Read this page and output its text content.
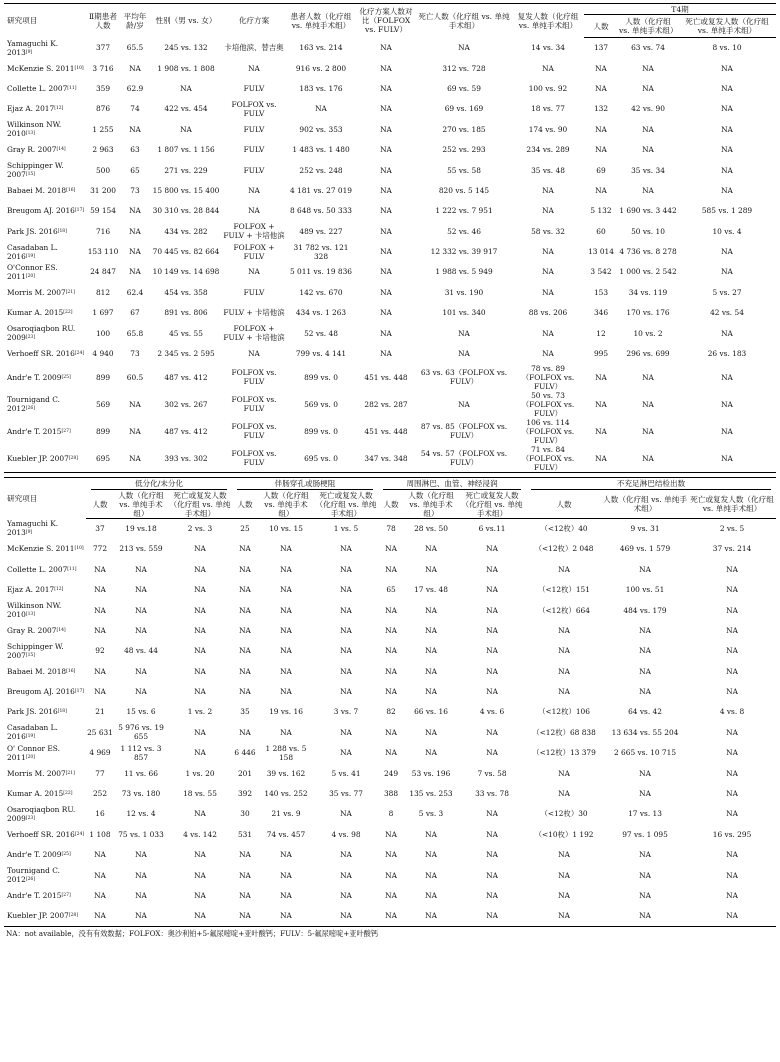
研究项目	Ⅱ期患者人数	平均年龄/岁	性别（男 vs. 女）	化疗方案	患者人数（化疗组 vs. 单纯手术组）	化疗方案人数对比（FOLFOX vs. FULV）	死亡人数（化疗组 vs. 单纯手术组）	复发人数（化疗组 vs. 单纯手术组）	T4期		
									人数	人数（化疗组 vs. 单纯手术组）	死亡或复发人数（化疗组 vs. 单纯手术组）
Yamaguchi K. 2013[9]	377	65.5	245 vs. 132	卡培他滨、替吉奥	163 vs. 214	NA	NA	14 vs. 34	137	63 vs. 74	8 vs. 10
McKenzie S. 2011[10]	3 716	NA	1 908 vs. 1 808	NA	916 vs. 2 800	NA	312 vs. 728	NA	NA	NA	NA
Collette L. 2007[11]	359	62.9	NA	FULV	183 vs. 176	NA	69 vs. 59	100 vs. 92	NA	NA	NA
Ejaz A. 2017[12]	876	74	422 vs. 454	FOLFOX vs. FULV	NA	NA	69 vs. 169	18 vs. 77	132	42 vs. 90	NA
Wilkinson NW. 2010[13]	1 255	NA	NA	FULV	902 vs. 353	NA	270 vs. 185	174 vs. 90	NA	NA	NA
Gray R. 2007[14]	2 963	63	1 807 vs. 1 156	FULV	1 483 vs. 1 480	NA	252 vs. 293	234 vs. 289	NA	NA	NA
Schippinger W. 2007[15]	500	65	271 vs. 229	FULV	252 vs. 248	NA	55 vs. 58	35 vs. 48	69	35 vs. 34	NA
Babaei M. 2018[16]	31 200	73	15 800 vs. 15 400	NA	4 181 vs. 27 019	NA	820 vs. 5 145	NA	NA	NA	NA
Breugom AJ. 2016[17]	59 154	NA	30 310 vs. 28 844	NA	8 648 vs. 50 333	NA	1 222 vs. 7 951	NA	5 132	1 690 vs. 3 442	585 vs. 1 289
Park JS. 2016[18]	716	NA	434 vs. 282	FOLFOX + FULV + 卡培他滨	489 vs. 227	NA	52 vs. 46	58 vs. 32	60	50 vs. 10	10 vs. 4
Casadaban L. 2016[19]	153 110	NA	70 445 vs. 82 664	FOLFOX + FULV	31 782 vs. 121 328	NA	12 332 vs. 39 917	NA	13 014	4 736 vs. 8 278	NA
O'Connor ES. 2011[20]	24 847	NA	10 149 vs. 14 698	NA	5 011 vs. 19 836	NA	1 988 vs. 5 949	NA	3 542	1 000 vs. 2 542	NA
Morris M. 2007[21]	812	62.4	454 vs. 358	FULV	142 vs. 670	NA	31 vs. 190	NA	153	34 vs. 119	5 vs. 27
Kumar A. 2015[22]	1 697	67	891 vs. 806	FULV + 卡培他滨	434 vs. 1 263	NA	101 vs. 340	88 vs. 206	346	170 vs. 176	42 vs. 54
Osaroqiaqbon RU. 2009[23]	100	65.8	45 vs. 55	FOLFOX + FULV + 卡培他滨	52 vs. 48	NA	NA	NA	12	10 vs. 2	NA
Verhoeff SR. 2016[24]	4 940	73	2 345 vs. 2 595	NA	799 vs. 4 141	NA	NA	NA	995	296 vs. 699	26 vs. 183
Andr'e T. 2009[25]	899	60.5	487 vs. 412	FOLFOX vs. FULV	899 vs. 0	451 vs. 448	63 vs. 63（FOLFOX vs. FULV）	78 vs. 89（FOLFOX vs. FULV）	NA	NA	NA
Tournigand C. 2012[26]	569	NA	302 vs. 267	FOLFOX vs. FULV	569 vs. 0	282 vs. 287	NA	50 vs. 73（FOLFOX vs. FULV）	NA	NA	NA
Andr'e T. 2015[27]	899	NA	487 vs. 412	FOLFOX vs. FULV	899 vs. 0	451 vs. 448	87 vs. 85（FOLFOX vs. FULV）	106 vs. 114（FOLFOX vs. FULV）	NA	NA	NA
Kuebler JP. 2007[28]	695	NA	393 vs. 302	FOLFOX vs. FULV	695 vs. 0	347 vs. 348	54 vs. 57（FOLFOX vs. FULV）	71 vs. 84（FOLFOX vs. FULV）	NA	NA	NA
研究项目	低分化/未分化			伴肠穿孔或肠梗阻			周围淋巴、血管、神经浸润			不充足淋巴结检出数		

	人数	人数（化疗组 vs. 单纯手术组）	死亡或复发人数（化疗组 vs. 单纯手术组）	人数	人数（化疗组 vs. 单纯手术组）	死亡或复发人数（化疗组 vs. 单纯手术组）	人数	人数（化疗组 vs. 单纯手术组）	死亡或复发人数（化疗组 vs. 单纯手术组）	人数	人数（化疗组 vs. 单纯手术组）	死亡或复发人数（化疗组 vs. 单纯手术组）
Yamaguchi K. 2013[9]	37	19 vs.18	2 vs. 3	25	10 vs. 15	1 vs. 5	78	28 vs. 50	6 vs.11	（<12枚）40	9 vs. 31	2 vs. 5
McKenzie S. 2011[10]	772	213 vs. 559	NA	NA	NA	NA	NA	NA	NA	（<12枚）2 048	469 vs. 1 579	37 vs. 214
Collette L. 2007[11]	NA	NA	NA	NA	NA	NA	NA	NA	NA	NA	NA	NA
Ejaz A. 2017[12]	NA	NA	NA	NA	NA	NA	65	17 vs. 48	NA	（<12枚）151	100 vs. 51	NA
Wilkinson NW. 2010[13]	NA	NA	NA	NA	NA	NA	NA	NA	NA	（<12枚）664	484 vs. 179	NA
Gray R. 2007[14]	NA	NA	NA	NA	NA	NA	NA	NA	NA	NA	NA	NA
Schippinger W. 2007[15]	92	48 vs. 44	NA	NA	NA	NA	NA	NA	NA	NA	NA	NA
Babaei M. 2018[16]	NA	NA	NA	NA	NA	NA	NA	NA	NA	NA	NA	NA
Breugom AJ. 2016[17]	NA	NA	NA	NA	NA	NA	NA	NA	NA	NA	NA	NA
Park JS. 2016[18]	21	15 vs. 6	1 vs. 2	35	19 vs. 16	3 vs. 7	82	66 vs. 16	4 vs. 6	（<12枚）106	64 vs. 42	4 vs. 8
Casadaban L. 2016[19]	25 631	5 976 vs. 19 655	NA	NA	NA	NA	NA	NA	NA	（<12枚）68 838	13 634 vs. 55 204	NA
O' Connor ES. 2011[20]	4 969	1 112 vs. 3 857	NA	6 446	1 288 vs. 5 158	NA	NA	NA	NA	（<12枚）13 379	2 665 vs. 10 715	NA
Morris M. 2007[21]	77	11 vs. 66	1 vs. 20	201	39 vs. 162	5 vs. 41	249	53 vs. 196	7 vs. 58	NA	NA	NA
Kumar A. 2015[22]	252	73 vs. 180	18 vs. 55	392	140 vs. 252	35 vs. 77	388	135 vs. 253	33 vs. 78	NA	NA	NA
Osaroqiaqbon RU. 2009[23]	16	12 vs. 4	NA	30	21 vs. 9	NA	8	5 vs. 3	NA	（<12枚）30	17 vs. 13	NA
Verhoeff SR. 2016[24]	1 108	75 vs. 1 033	4 vs. 142	531	74 vs. 457	4 vs. 98	NA	NA	NA	（<10枚）1 192	97 vs. 1 095	16 vs. 295
Andr'e T. 2009[25]	NA	NA	NA	NA	NA	NA	NA	NA	NA	NA	NA	NA
Tournigand C. 2012[26]	NA	NA	NA	NA	NA	NA	NA	NA	NA	NA	NA	NA
Andr'e T. 2015[27]	NA	NA	NA	NA	NA	NA	NA	NA	NA	NA	NA	NA
Kuebler JP. 2007[28]	NA	NA	NA	NA	NA	NA	NA	NA	NA	NA	NA	NA
NA：not available，没有有效数据；FOLFOX：奥沙利铂+5-氟尿嘧啶+亚叶酸钙；FULV：5-氟尿嘧啶+亚叶酸钙
